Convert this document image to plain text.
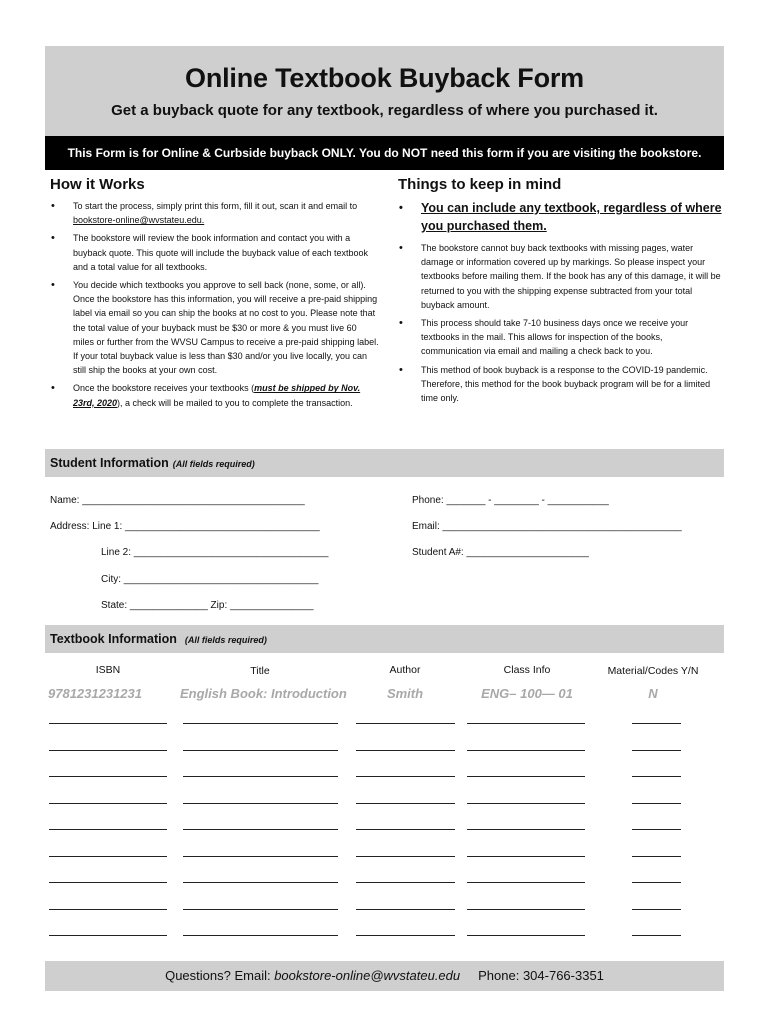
Online Textbook Buyback Form
Get a buyback quote for any textbook, regardless of where you purchased it.
This Form is for Online & Curbside buyback ONLY. You do NOT need this form if you are visiting the bookstore.
How it Works
• To start the process, simply print this form, fill it out, scan it and email to bookstore-online@wvstateu.edu.
• The bookstore will review the book information and contact you with a buyback quote. This quote will include the buyback value of each textbook and a total value for all textbooks.
• You decide which textbooks you approve to sell back (none, some, or all). Once the bookstore has this information, you will receive a pre-paid shipping label via email so you can ship the books at no cost to you. Please note that the total value of your buyback must be $30 or more & you must live 60 miles or further from the WVSU Campus to receive a pre-paid shipping label. If your total buyback value is less than $30 and/or you live locally, you can still ship the books at your own cost.
• Once the bookstore receives your textbooks (must be shipped by Nov. 23rd, 2020), a check will be mailed to you to complete the transaction.
Things to keep in mind
• You can include any textbook, regardless of where you purchased them.
• The bookstore cannot buy back textbooks with missing pages, water damage or information covered up by markings. So please inspect your textbooks before mailing them. If the book has any of this damage, it will be returned to you with the shipping expense subtracted from your total buyback amount.
• This process should take 7-10 business days once we receive your textbooks in the mail. This allows for inspection of the books, communication via email and mailing a check back to you.
• This method of book buyback is a response to the COVID-19 pandemic. Therefore, this method for the book buyback program will be for a limited time only.
Student Information (All fields required)
Name: ________________________________________
Address: Line 1: ___________________________________
Line 2: ___________________________________
City: ___________________________________
State: ______________ Zip: _______________
Phone: _______ - ________ - ___________
Email: ___________________________________________
Student A#: ______________________
Textbook Information (All fields required)
ISBN	Title	Author	Class Info	Material/Codes Y/N
9781231231231	English Book: Introduction	Smith	ENG– 100— 01	N
Questions? Email: bookstore-online@wvstateu.edu Phone: 304-766-3351
